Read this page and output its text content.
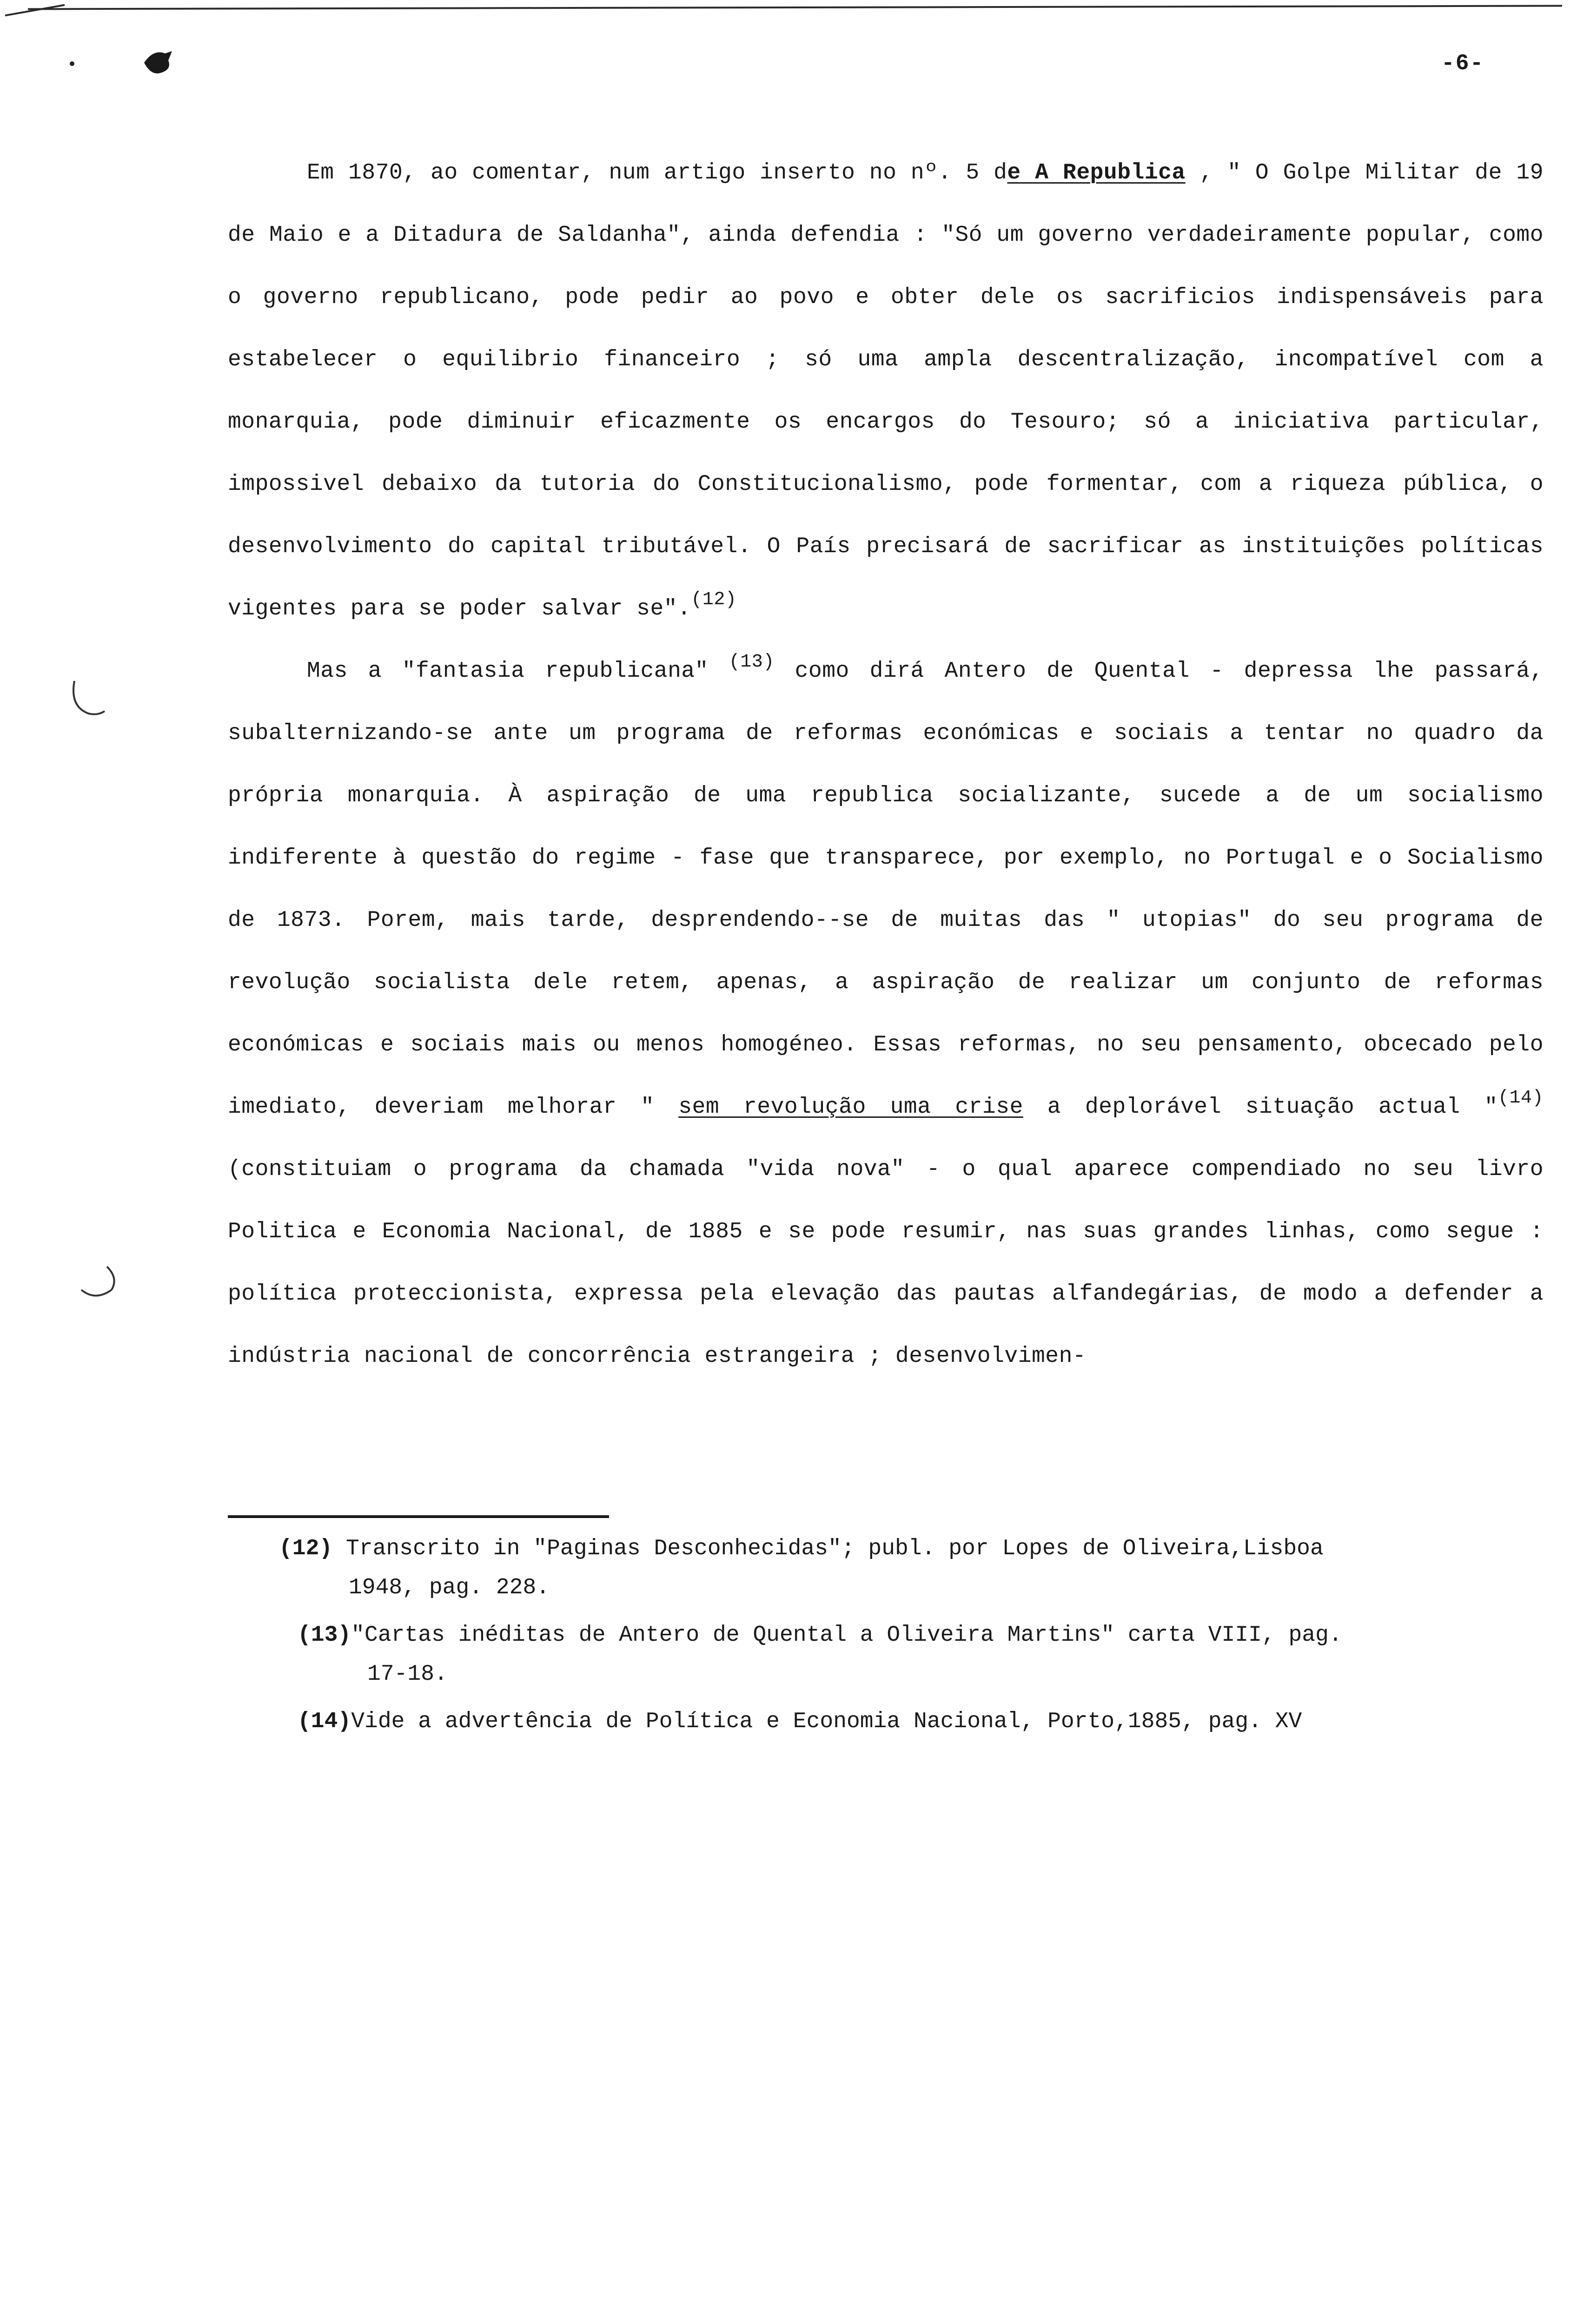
-6-

Em 1870, ao comentar, num artigo inserto no nº. 5 de A Republica , " O Golpe Militar de 19 de Maio e a Ditadura de Saldanha", ainda defendia : "Só um governo verdadeiramente popular, como o governo republicano, pode pedir ao povo e obter dele os sacrificios indispensáveis para estabelecer o equilibrio financeiro ; só uma ampla descentralização, incompatível com a monarquia, pode diminuir eficazmente os encargos do Tesouro; só a iniciativa particular, impossivel debaixo da tutoria do Constitucionalismo, pode formentar, com a riqueza pública, o desenvolvimento do capital tributável. O País precisará de sacrificar as instituições políticas vigentes para se poder salvar se".$^{(12)}$

Mas a "fantasia republicana" $^{(13)}$ como dirá Antero de Quental - depressa lhe passará, subalternizando-se ante um programa de reformas económicas e sociais a tentar no quadro da própria monarquia. À aspiração de uma republica socializante, sucede a de um socialismo indiferente à questão do regime - fase que transparece, por exemplo, no Portugal e o Socialismo de 1873. Porem, mais tarde, desprendendo--se de muitas das " utopias" do seu programa de revolução socialista dele retem, apenas, a aspiração de realizar um conjunto de reformas económicas e sociais mais ou menos homogéneo. Essas reformas, no seu pensamento, obcecado pelo imediato, deveriam melhorar " sem revolução uma crise a deplorável situação actual "$^{(14)}$(constituiam o programa da chamada "vida nova" - o qual aparece compendiado no seu livro Politica e Economia Nacional, de 1885 e se pode resumir, nas suas grandes linhas, como segue : política proteccionista, expressa pela elevação das pautas alfandegárias, de modo a defender a indústria nacional de concorrência estrangeira ; desenvolvimen-

(12) Transcrito in "Paginas Desconhecidas"; publ. por Lopes de Oliveira,Lisboa
1948, pag. 228.
(13)"Cartas inéditas de Antero de Quental a Oliveira Martins" carta VIII, pag.
17-18.
(14)Vide a advertência de Política e Economia Nacional, Porto,1885, pag. XV
